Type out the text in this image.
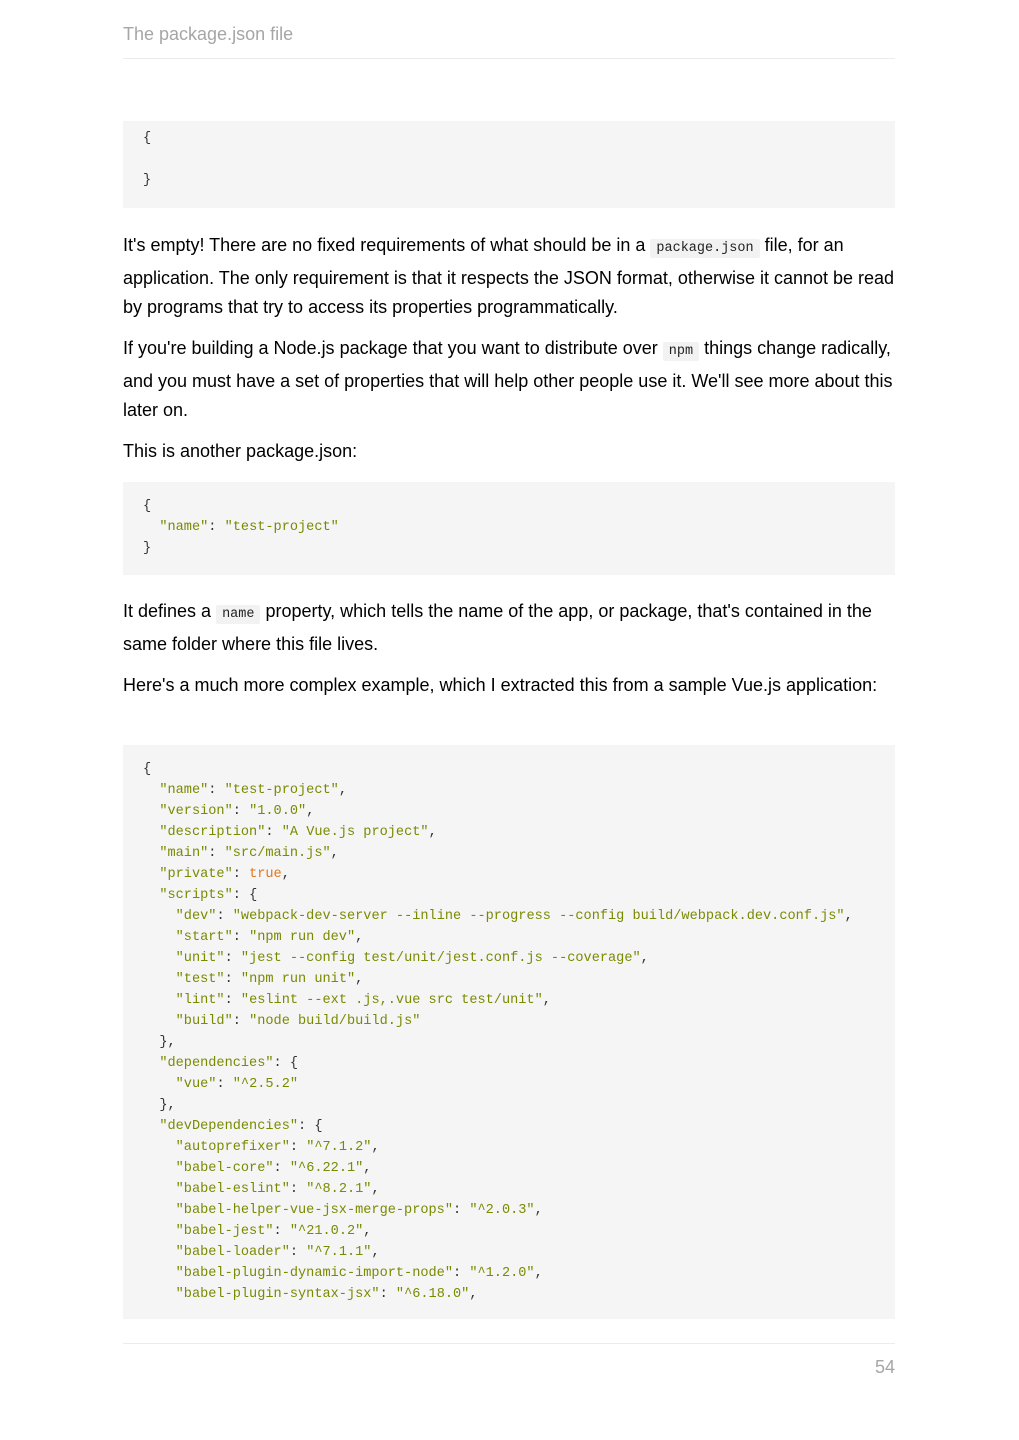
The package.json file
{
}

It's empty! There are no fixed requirements of what should be in a package.json file, for an application. The only requirement is that it respects the JSON format, otherwise it cannot be read by programs that try to access its properties programmatically.

If you're building a Node.js package that you want to distribute over npm things change radically, and you must have a set of properties that will help other people use it. We'll see more about this later on.

This is another package.json:

{
"name": "test-project"
}

It defines a name property, which tells the name of the app, or package, that's contained in the same folder where this file lives.

Here's a much more complex example, which I extracted this from a sample Vue.js application:

{
"name": "test-project",
"version": "1.0.0",
"description": "A Vue.js project",
"main": "src/main.js",
"private": true,
"scripts": {
"dev": "webpack-dev-server --inline --progress --config build/webpack.dev.conf.js",
"start": "npm run dev",
"unit": "jest --config test/unit/jest.conf.js --coverage",
"test": "npm run unit",
"lint": "eslint --ext .js,.vue src test/unit",
"build": "node build/build.js"
},
"dependencies": {
"vue": "^2.5.2"
},
"devDependencies": {
"autoprefixer": "^7.1.2",
"babel-core": "^6.22.1",
"babel-eslint": "^8.2.1",
"babel-helper-vue-jsx-merge-props": "^2.0.3",
"babel-jest": "^21.0.2",
"babel-loader": "^7.1.1",
"babel-plugin-dynamic-import-node": "^1.2.0",
"babel-plugin-syntax-jsx": "^6.18.0",
54
